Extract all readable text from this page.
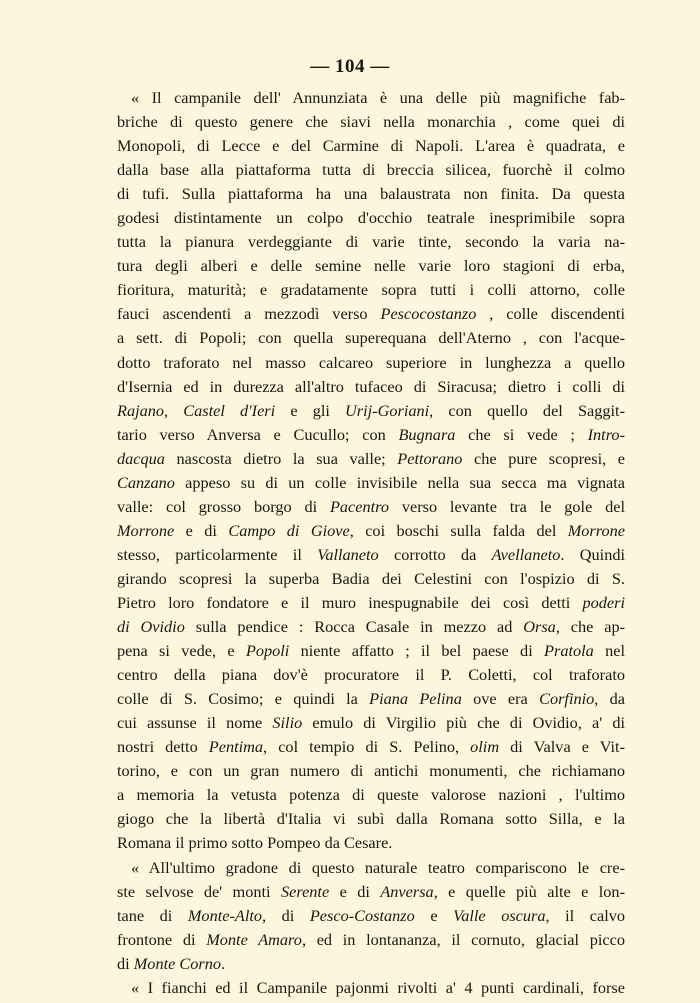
— 104 —
« Il campanile dell' Annunziata è una delle più magnifiche fab-
briche di questo genere che siavi nella monarchia , come quei di
Monopoli, di Lecce e del Carmine di Napoli. L'area è quadrata, e
dalla base alla piattaforma tutta di breccia silicea, fuorchè il colmo
di tufi. Sulla piattaforma ha una balaustrata non finita. Da questa
godesi distintamente un colpo d'occhio teatrale inesprimibile sopra
tutta la pianura verdeggiante di varie tinte, secondo la varia na-
tura degli alberi e delle semine nelle varie loro stagioni di erba,
fioritura, maturità; e gradatamente sopra tutti i colli attorno, colle
fauci ascendenti a mezzodì verso Pescocostanzo , colle discendenti
a sett. di Popoli; con quella superequana dell'Aterno , con l'acque-
dotto traforato nel masso calcareo superiore in lunghezza a quello
d'Isernia ed in durezza all'altro tufaceo di Siracusa; dietro i colli di
Rajano, Castel d'Ieri e gli Urij-Goriani, con quello del Saggit-
tario verso Anversa e Cucullo; con Bugnara che si vede ; Intro-
dacqua nascosta dietro la sua valle; Pettorano che pure scopresi, e
Canzano appeso su di un colle invisibile nella sua secca ma vignata
valle: col grosso borgo di Pacentro verso levante tra le gole del
Morrone e di Campo di Giove, coi boschi sulla falda del Morrone
stesso, particolarmente il Vallaneto corrotto da Avellaneto. Quindi
girando scopresi la superba Badia dei Celestini con l'ospizio di S.
Pietro loro fondatore e il muro inespugnabile dei così detti poderi
di Ovidio sulla pendice : Rocca Casale in mezzo ad Orsa, che ap-
pena si vede, e Popoli niente affatto ; il bel paese di Pratola nel
centro della piana dov'è procuratore il P. Coletti, col traforato
colle di S. Cosimo; e quindi la Piana Pelina ove era Corfinio, da
cui assunse il nome Silio emulo di Virgilio più che di Ovidio, a' di
nostri detto Pentima, col tempio di S. Pelino, olim di Valva e Vit-
torino, e con un gran numero di antichi monumenti, che richiamano
a memoria la vetusta potenza di queste valorose nazioni , l'ultimo
giogo che la libertà d'Italia vi subì dalla Romana sotto Silla, e la
Romana il primo sotto Pompeo da Cesare.
« All'ultimo gradone di questo naturale teatro compariscono le cre-
ste selvose de' monti Serente e di Anversa, e quelle più alte e lon-
tane di Monte-Alto, di Pesco-Costanzo e Valle oscura, il calvo
frontone di Monte Amaro, ed in lontananza, il cornuto, glacial picco
di Monte Corno.
« I fianchi ed il Campanile pajonmi rivolti a' 4 punti cardinali, forse
